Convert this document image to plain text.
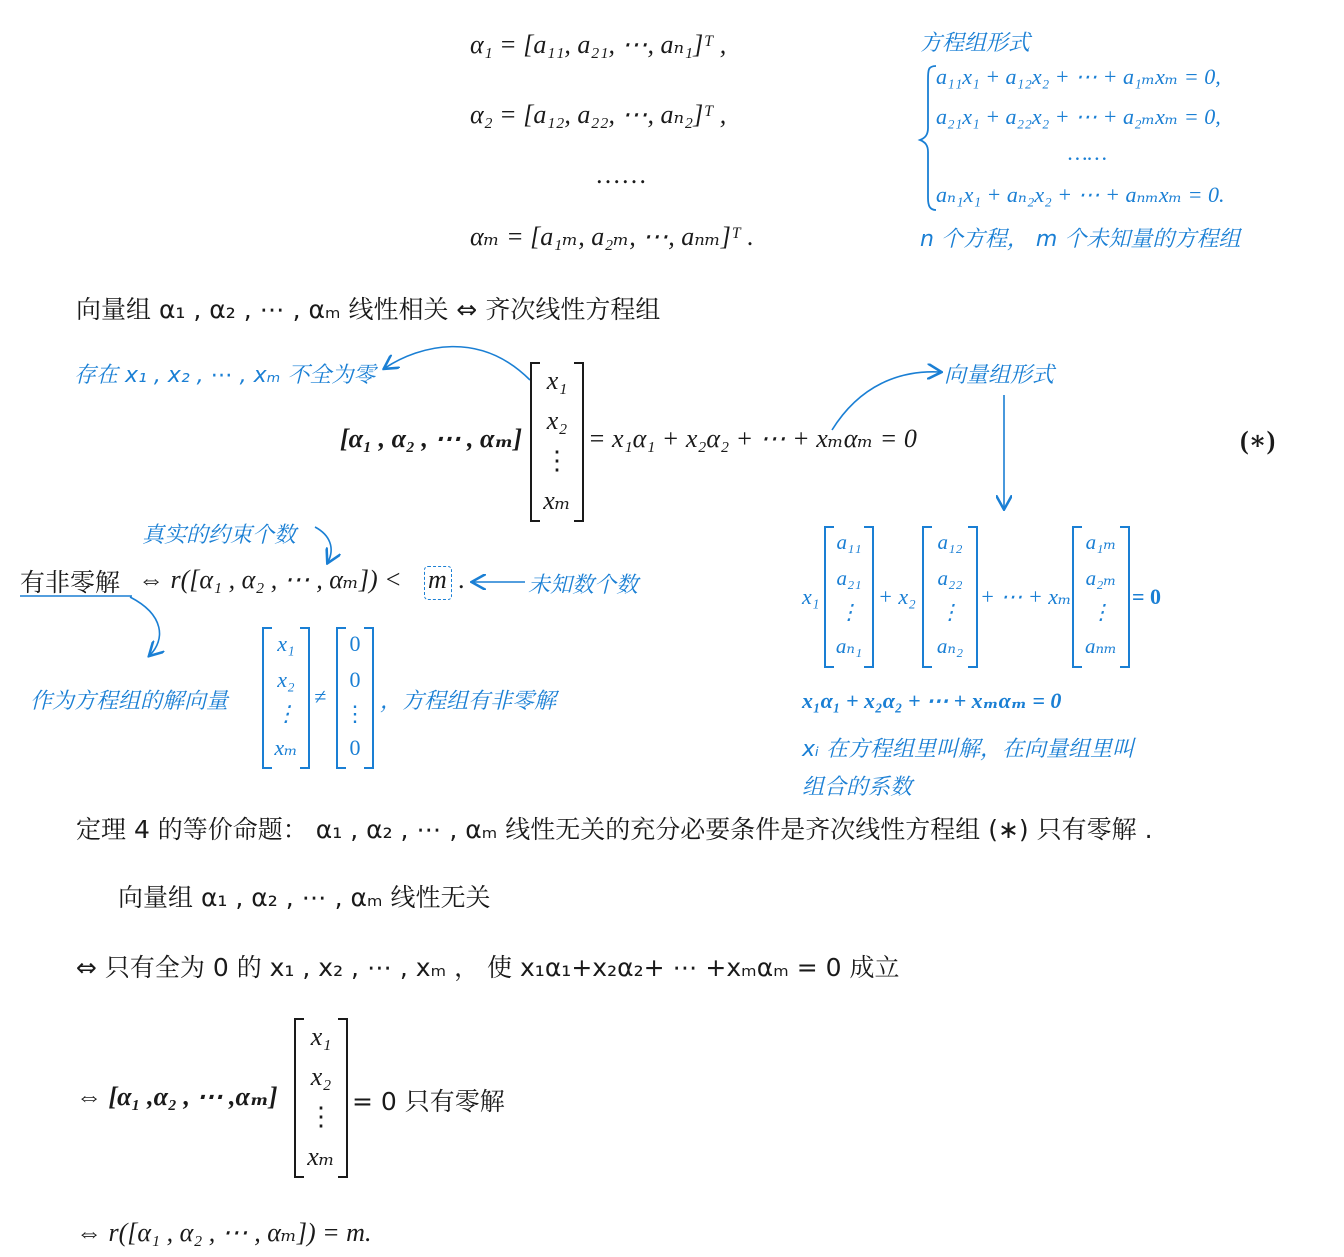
α₁ = [a₁₁, a₂₁, ⋯, aₙ₁]ᵀ ,
α₂ = [a₁₂, a₂₂, ⋯, aₙ₂]ᵀ ,
……
αₘ = [a₁ₘ, a₂ₘ, ⋯, aₙₘ]ᵀ .
方程组形式
a₁₁x₁ + a₁₂x₂ + ⋯ + a₁ₘxₘ = 0,
a₂₁x₁ + a₂₂x₂ + ⋯ + a₂ₘxₘ = 0,
……
aₙ₁x₁ + aₙ₂x₂ + ⋯ + aₙₘxₘ = 0.
n 个方程， m 个未知量的方程组
向量组 α₁ , α₂ , ⋯ , αₘ 线性相关 ⇔ 齐次线性方程组
存在 x₁ , x₂ , ⋯ , xₘ 不全为零	向量组形式
[α₁ , α₂ , ⋯ , αₘ]
x₁
x₂
⋮
xₘ
= x₁α₁ + x₂α₂ + ⋯ + xₘαₘ = 0	(∗)
真实的约束个数
有非零解 ⇔ r([α₁ , α₂ , ⋯ , αₘ]) < m .	未知数个数
作为方程组的解向量
x₁
x₂
⋮
xₘ
≠
0
0
⋮
0
，方程组有非零解
x₁
a₁₁
a₂₁
⋮
aₙ₁
+ x₂
a₁₂
a₂₂
⋮
aₙ₂
+ ⋯ + xₘ
a₁ₘ
a₂ₘ
⋮
aₙₘ
= 0
x₁α₁ + x₂α₂ + ⋯ + xₘαₘ = 0
xᵢ 在方程组里叫解，在向量组里叫
组合的系数
定理 4 的等价命题： α₁ , α₂ , ⋯ , αₘ 线性无关的充分必要条件是齐次线性方程组 (∗) 只有零解 .
向量组 α₁ , α₂ , ⋯ , αₘ 线性无关
⇔ 只有全为 0 的 x₁ , x₂ , ⋯ , xₘ ， 使 x₁α₁+x₂α₂+ ⋯ +xₘαₘ = 0 成立
⇔ [α₁ ,α₂ , ⋯ ,αₘ]
x₁
x₂
⋮
xₘ
= 0 只有零解
⇔ r([α₁ , α₂ , ⋯ , αₘ]) = m.
